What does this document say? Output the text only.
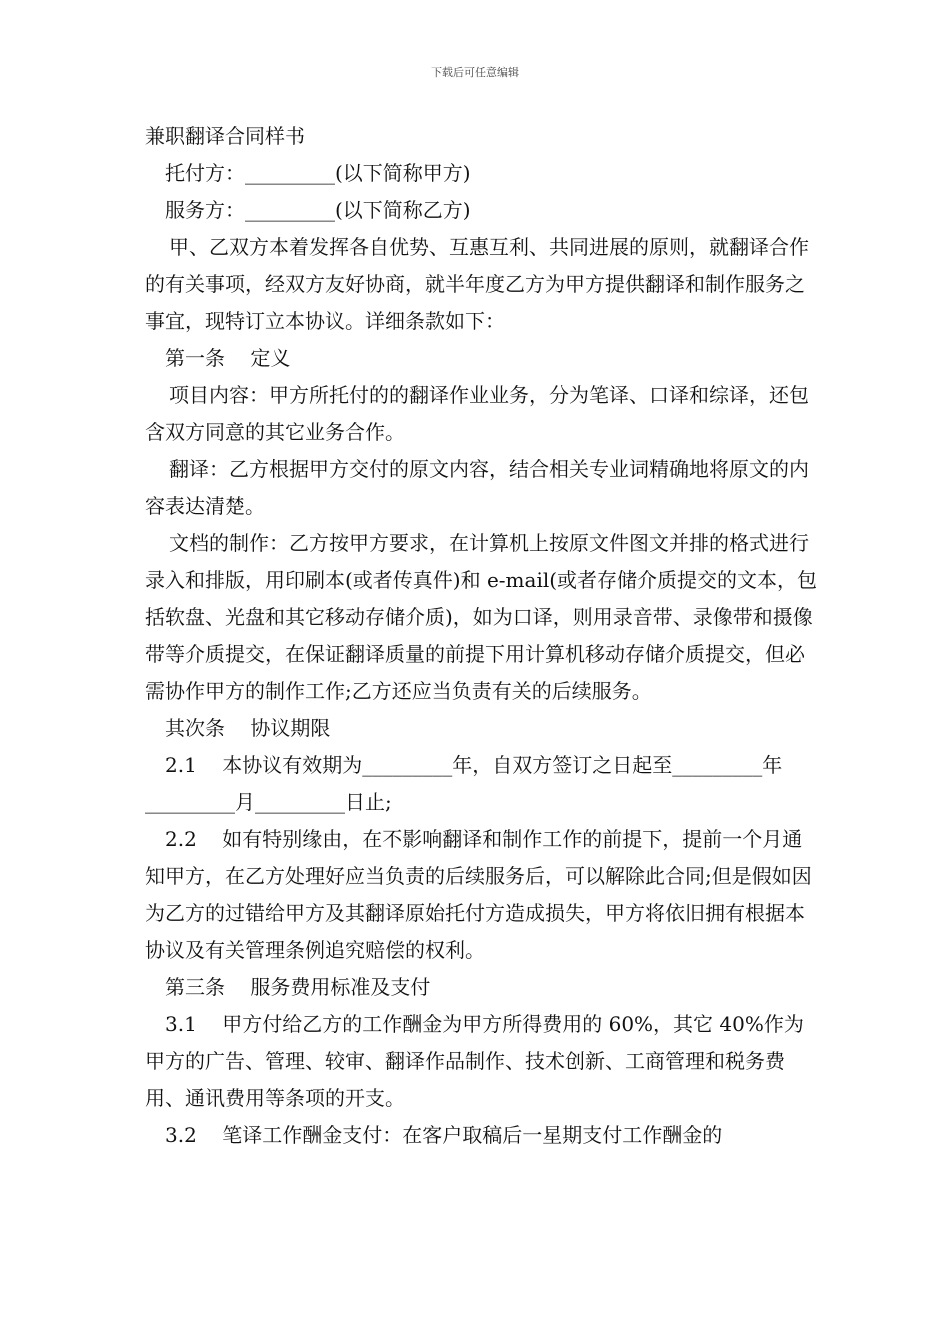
下载后可任意编辑

兼职翻译合同样书

托付方：_________(以下简称甲方)

服务方：_________(以下简称乙方)

甲、乙双方本着发挥各自优势、互惠互利、共同进展的原则，就翻译合作的有关事项，经双方友好协商，就半年度乙方为甲方提供翻译和制作服务之事宜，现特订立本协议。详细条款如下：

第一条    定义

项目内容：甲方所托付的的翻译作业业务，分为笔译、口译和综译，还包含双方同意的其它业务合作。

翻译：乙方根据甲方交付的原文内容，结合相关专业词精确地将原文的内容表达清楚。

文档的制作：乙方按甲方要求，在计算机上按原文件图文并排的格式进行录入和排版，用印刷本(或者传真件)和 e-mail(或者存储介质提交的文本，包括软盘、光盘和其它移动存储介质)，如为口译，则用录音带、录像带和摄像带等介质提交，在保证翻译质量的前提下用计算机移动存储介质提交，但必需协作甲方的制作工作;乙方还应当负责有关的后续服务。

其次条    协议期限

2.1    本协议有效期为_________年，自双方签订之日起至_________年_________月_________日止;

2.2    如有特别缘由，在不影响翻译和制作工作的前提下，提前一个月通知甲方，在乙方处理好应当负责的后续服务后，可以解除此合同;但是假如因为乙方的过错给甲方及其翻译原始托付方造成损失，甲方将依旧拥有根据本协议及有关管理条例追究赔偿的权利。

第三条    服务费用标准及支付

3.1    甲方付给乙方的工作酬金为甲方所得费用的 60%，其它 40%作为甲方的广告、管理、较审、翻译作品制作、技术创新、工商管理和税务费用、通讯费用等条项的开支。

3.2    笔译工作酬金支付：在客户取稿后一星期支付工作酬金的
